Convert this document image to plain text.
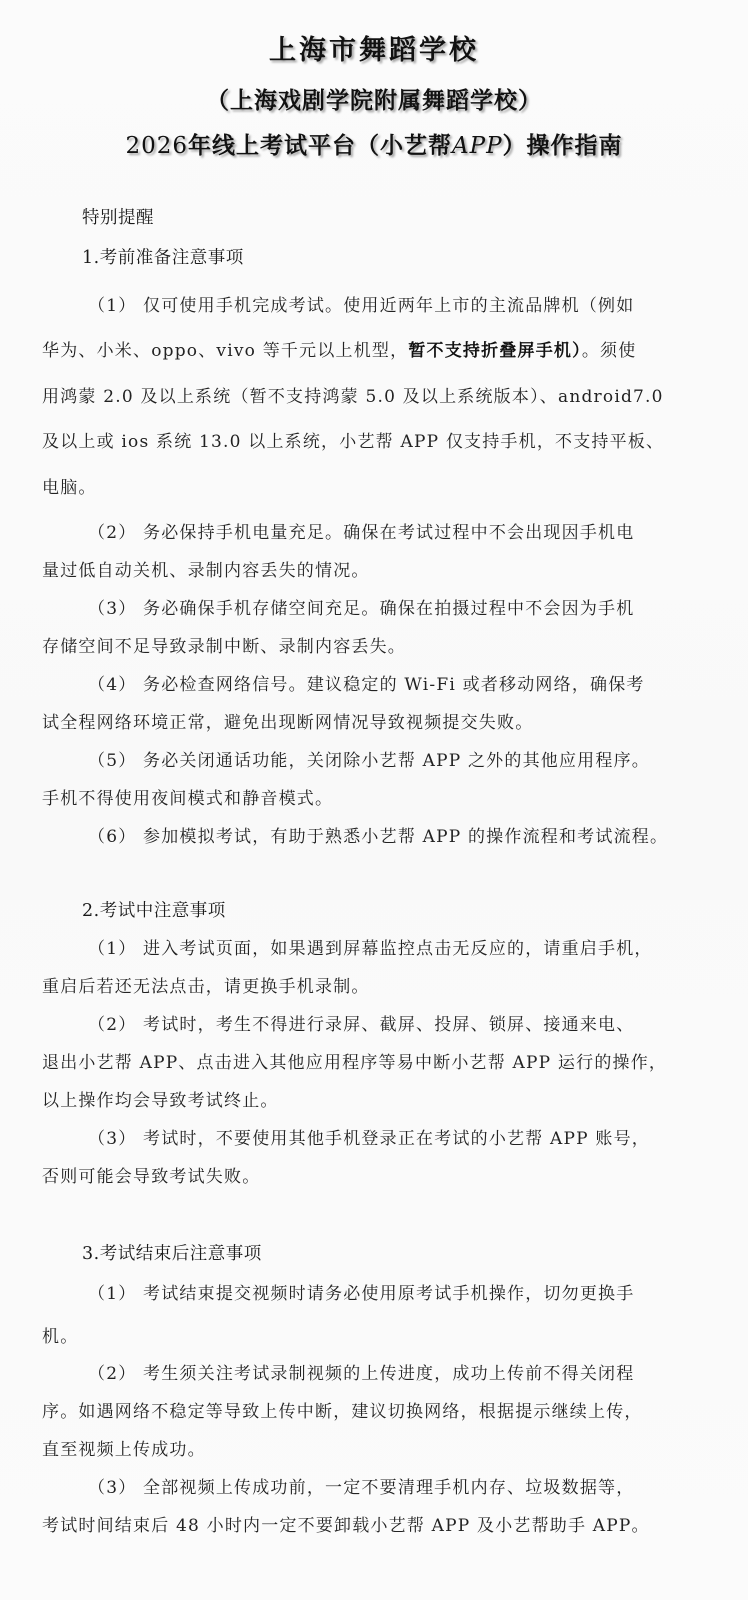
上海市舞蹈学校
（上海戏剧学院附属舞蹈学校）
2026年线上考试平台（小艺帮APP）操作指南
特别提醒
1.考前准备注意事项
（1） 仅可使用手机完成考试。使用近两年上市的主流品牌机（例如
华为、小米、oppo、vivo 等千元以上机型，暂不支持折叠屏手机）。须使
用鸿蒙 2.0 及以上系统（暂不支持鸿蒙 5.0 及以上系统版本）、android7.0
及以上或 ios 系统 13.0 以上系统，小艺帮 APP 仅支持手机，不支持平板、
电脑。
（2） 务必保持手机电量充足。确保在考试过程中不会出现因手机电
量过低自动关机、录制内容丢失的情况。
（3） 务必确保手机存储空间充足。确保在拍摄过程中不会因为手机
存储空间不足导致录制中断、录制内容丢失。
（4） 务必检查网络信号。建议稳定的 Wi-Fi 或者移动网络，确保考
试全程网络环境正常，避免出现断网情况导致视频提交失败。
（5） 务必关闭通话功能，关闭除小艺帮 APP 之外的其他应用程序。
手机不得使用夜间模式和静音模式。
（6） 参加模拟考试，有助于熟悉小艺帮 APP 的操作流程和考试流程。
2.考试中注意事项
（1） 进入考试页面，如果遇到屏幕监控点击无反应的，请重启手机，
重启后若还无法点击，请更换手机录制。
（2） 考试时，考生不得进行录屏、截屏、投屏、锁屏、接通来电、
退出小艺帮 APP、点击进入其他应用程序等易中断小艺帮 APP 运行的操作，
以上操作均会导致考试终止。
（3） 考试时，不要使用其他手机登录正在考试的小艺帮 APP 账号，
否则可能会导致考试失败。
3.考试结束后注意事项
（1） 考试结束提交视频时请务必使用原考试手机操作，切勿更换手
机。
（2） 考生须关注考试录制视频的上传进度，成功上传前不得关闭程
序。如遇网络不稳定等导致上传中断，建议切换网络，根据提示继续上传，
直至视频上传成功。
（3） 全部视频上传成功前，一定不要清理手机内存、垃圾数据等，
考试时间结束后 48 小时内一定不要卸载小艺帮 APP 及小艺帮助手 APP。
